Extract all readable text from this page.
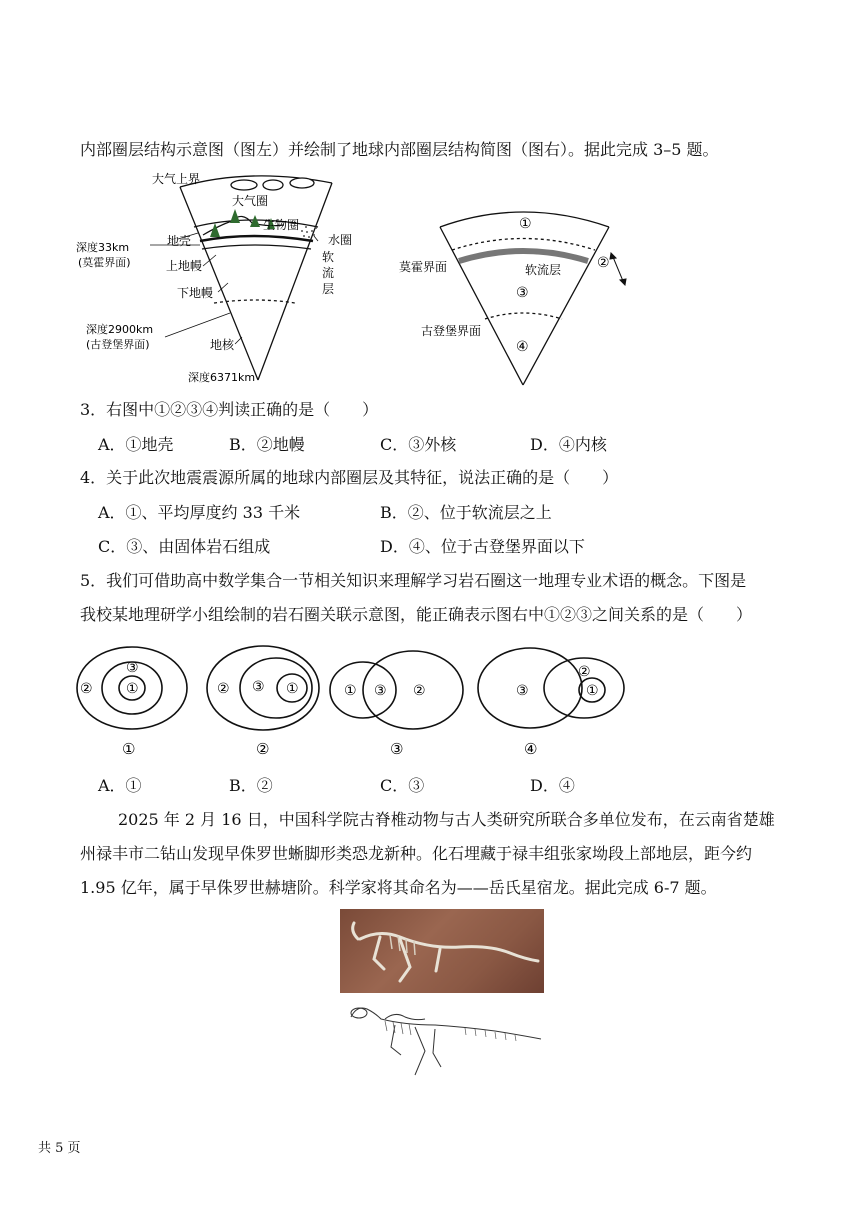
内部圈层结构示意图（图左）并绘制了地球内部圈层结构简图（图右）。据此完成 3–5 题。
大气上界
大气圈
生物圈
水圈
地壳
深度33km
(莫霍界面)	上地幔
软
流
层
下地幔
深度2900km
(古登堡界面)	地核
深度6371km
①
②
③
④
莫霍界面	软流层
古登堡界面
3．右图中①②③④判读正确的是（　　）
A．①地壳	B．②地幔	C．③外核	D．④内核
4．关于此次地震震源所属的地球内部圈层及其特征，说法正确的是（　　）
A．①、平均厚度约 33 千米	B．②、位于软流层之上
C．③、由固体岩石组成	D．④、位于古登堡界面以下
5．我们可借助高中数学集合一节相关知识来理解学习岩石圈这一地理专业术语的概念。下图是
我校某地理研学小组绘制的岩石圈关联示意图，能正确表示图右中①②③之间关系的是（　　）
③
② ①	② ③ ①	① ③ ②	③
②
①
①	②	③	④
A．①	B．②	C．③	D．④
2025 年 2 月 16 日，中国科学院古脊椎动物与古人类研究所联合多单位发布，在云南省楚雄
州禄丰市二钻山发现早侏罗世蜥脚形类恐龙新种。化石埋藏于禄丰组张家坳段上部地层，距今约
1.95 亿年，属于早侏罗世赫塘阶。科学家将其命名为——岳氏星宿龙。据此完成 6-7 题。
共 5 页
